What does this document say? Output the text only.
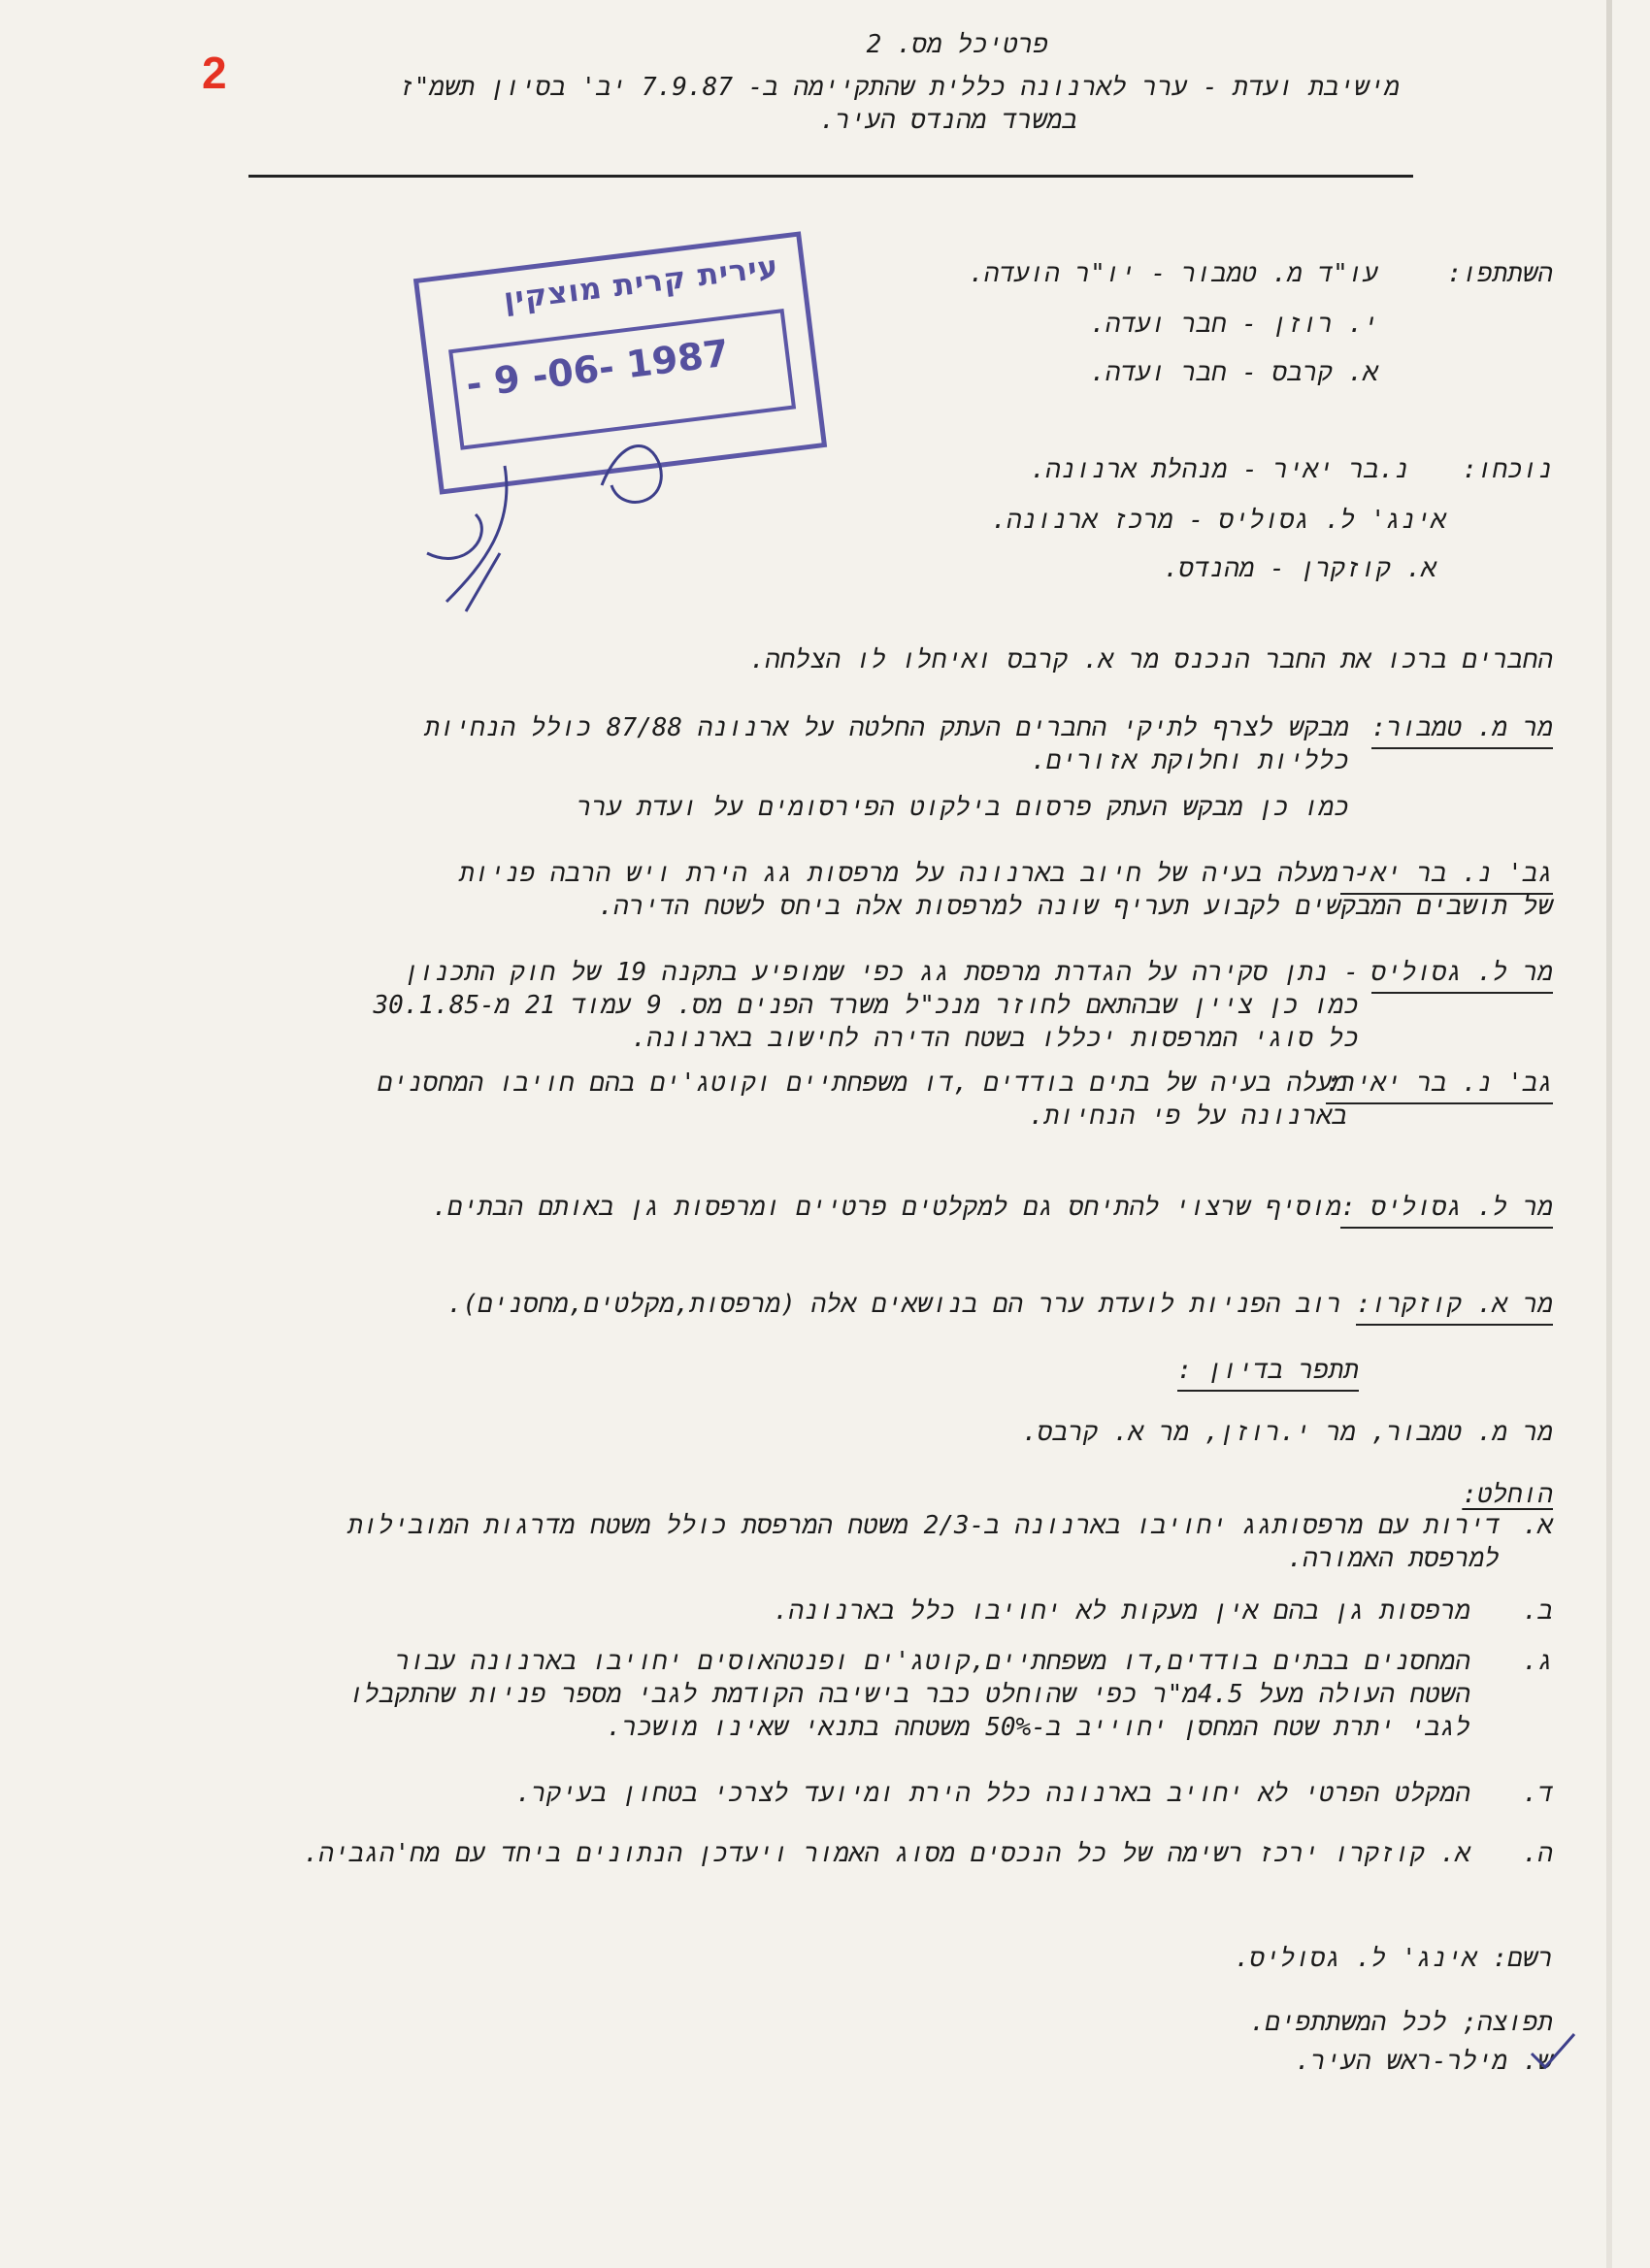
2
פרטיכל מס. 2
מישיבת ועדת - ערר לארנונה כללית שהתקיימה ב- 7.9.87 יב' בסיון תשמ"ז
במשרד מהנדס העיר.
השתתפו:
עו"ד מ. טמבור - יו"ר הועדה.
י. רוזן - חבר ועדה.
א. קרבס - חבר ועדה.
עירית קרית מוצקין
- 9 -06- 1987
נוכחו:
נ.בר יאיר - מנהלת ארנונה.
אינג' ל. גסוליס - מרכז ארנונה.
א. קוזקרן - מהנדס.
החברים ברכו את החבר הנכנס מר א. קרבס ואיחלו לו הצלחה.
מר מ. טמבור:
מבקש לצרף לתיקי החברים העתק החלטה על ארנונה 87/88 כולל הנחיות
כלליות וחלוקת אזורים.
כמו כן מבקש העתק פרסום בילקוט הפירסומים על ועדת ערר
גב' נ. בר יאיר
- מעלה בעיה של חיוב בארנונה על מרפסות גג הירת ויש הרבה פניות
של תושבים המבקשים לקבוע תעריף שונה למרפסות אלה ביחס לשטח הדירה.
מר ל. גסוליס
- נתן סקירה על הגדרת מרפסת גג כפי שמופיע בתקנה 19 של חוק התכנון
כמו כן ציין שבהתאם לחוזר מנכ"ל משרד הפנים מס. 9 עמוד 21 מ-30.1.85
כל סוגי המרפסות יכללו בשטח הדירה לחישוב בארנונה.
גב' נ. בר יאיר:
מעלה בעיה של בתים בודדים ,דו משפחתיים וקוטג'ים בהם חויבו המחסנים
בארנונה על פי הנחיות.
מר ל. גסוליס :
מוסיף שרצוי להתיחס גם למקלטים פרטיים ומרפסות גן באותם הבתים.
מר א. קוזקרו:
רוב הפניות לועדת ערר הם בנושאים אלה (מרפסות,מקלטים,מחסנים).
תתפר בדיון :
מר מ. טמבור, מר י.רוזן, מר א. קרבס.
הוחלט:
א.
דירות עם מרפסותגג יחויבו בארנונה ב-2/3 משטח המרפסת כולל משטח מדרגות המובילות
למרפסת האמורה.
ב.
מרפסות גן בהם אין מעקות לא יחויבו כלל בארנונה.
ג.
המחסנים בבתים בודדים,דו משפחתיים,קוטג'ים ופנטהאוסים יחויבו בארנונה עבור
השטח העולה מעל 4.5מ"ר כפי שהוחלט כבר בישיבה הקודמת לגבי מספר פניות שהתקבלו
לגבי יתרת שטח המחסן יחוייב ב-50% משטחה בתנאי שאינו מושכר.
ד.
המקלט הפרטי לא יחויב בארנונה כלל הירת ומיועד לצרכי בטחון בעיקר.
ה.
א. קוזקרו ירכז רשימה של כל הנכסים מסוג האמור ויעדכן הנתונים ביחד עם מח'הגביה.
רשם: אינג' ל. גסוליס.
תפוצה; לכל המשתתפים.
ש. מילר-ראש העיר.
